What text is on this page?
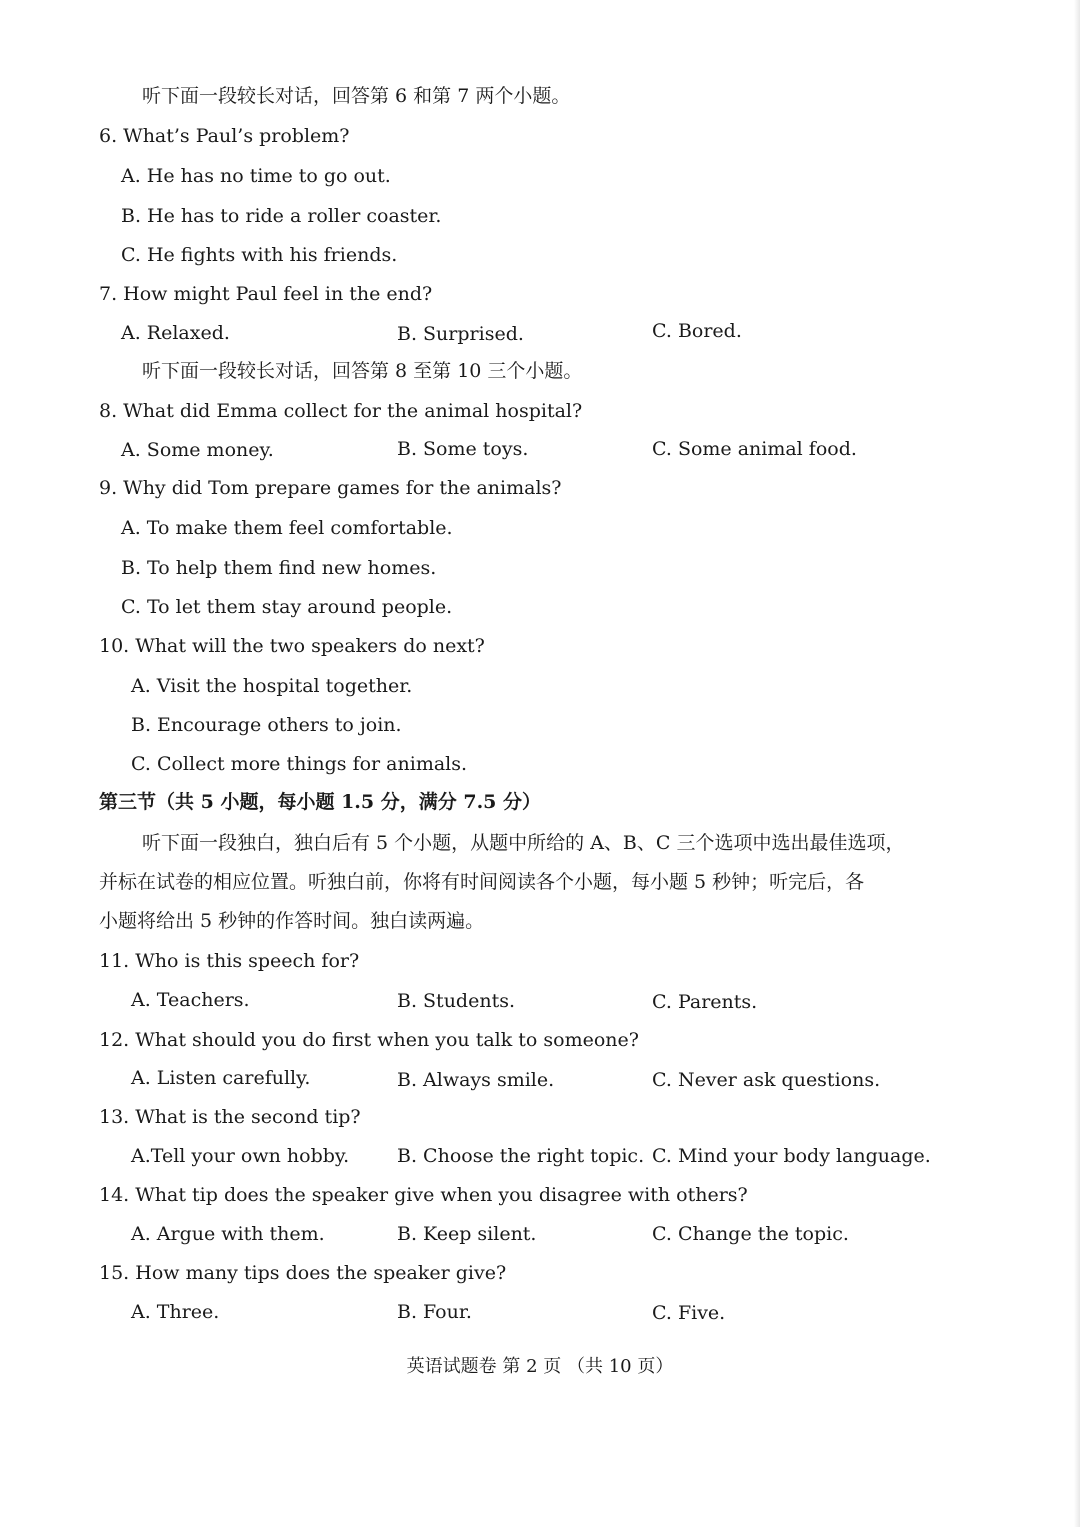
听下面一段较长对话，回答第 6 和第 7 两个小题。
6. What’s Paul’s problem?
A. He has no time to go out.
B. He has to ride a roller coaster.
C. He fights with his friends.
7. How might Paul feel in the end?
A. Relaxed.	B. Surprised.	C. Bored.
听下面一段较长对话，回答第 8 至第 10 三个小题。
8. What did Emma collect for the animal hospital?
A. Some money.	B. Some toys.	C. Some animal food.
9. Why did Tom prepare games for the animals?
A. To make them feel comfortable.
B. To help them find new homes.
C. To let them stay around people.
10. What will the two speakers do next?
A. Visit the hospital together.
B. Encourage others to join.
C. Collect more things for animals.
第三节（共 5 小题，每小题 1.5 分，满分 7.5 分）
听下面一段独白，独白后有 5 个小题，从题中所给的 A、B、C 三个选项中选出最佳选项，
并标在试卷的相应位置。听独白前，你将有时间阅读各个小题，每小题 5 秒钟；听完后，各
小题将给出 5 秒钟的作答时间。独白读两遍。
11. Who is this speech for?
A. Teachers.	B. Students.	C. Parents.
12. What should you do first when you talk to someone?
A. Listen carefully.	B. Always smile.	C. Never ask questions.
13. What is the second tip?
A.Tell your own hobby.	B. Choose the right topic. C. Mind your body language.
14. What tip does the speaker give when you disagree with others?
A. Argue with them.	B. Keep silent.	C. Change the topic.
15. How many tips does the speaker give?
A. Three.	B. Four.	C. Five.
英语试题卷 第 2 页 （共 10 页）
